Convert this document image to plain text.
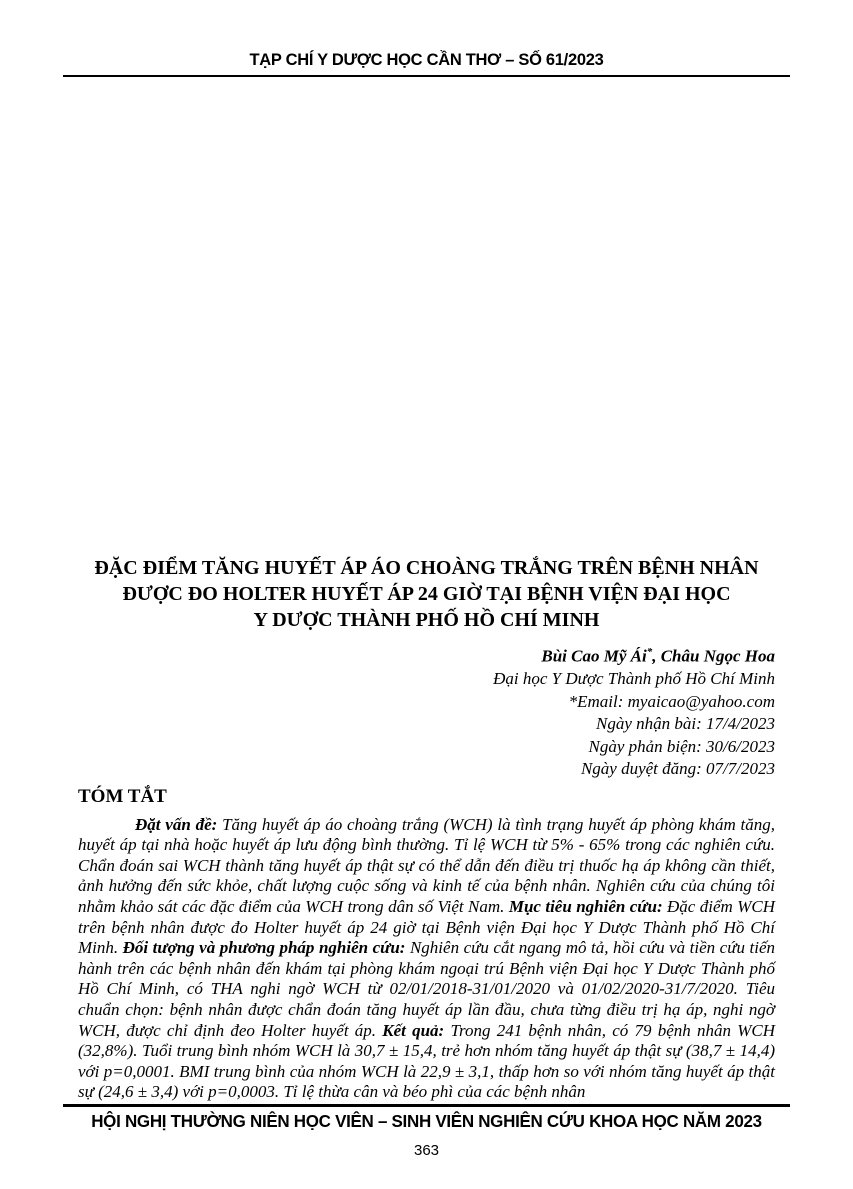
TẠP CHÍ Y DƯỢC HỌC CẦN THƠ – SỐ 61/2023
ĐẶC ĐIỂM TĂNG HUYẾT ÁP ÁO CHOÀNG TRẮNG TRÊN BỆNH NHÂN
ĐƯỢC ĐO HOLTER HUYẾT ÁP 24 GIỜ TẠI BỆNH VIỆN ĐẠI HỌC
Y DƯỢC THÀNH PHỐ HỒ CHÍ MINH
Bùi Cao Mỹ Ái*, Châu Ngọc Hoa
Đại học Y Dược Thành phố Hồ Chí Minh
*Email: myaicao@yahoo.com
Ngày nhận bài: 17/4/2023
Ngày phản biện: 30/6/2023
Ngày duyệt đăng: 07/7/2023
TÓM TẮT

Đặt vấn đề: Tăng huyết áp áo choàng trắng (WCH) là tình trạng huyết áp phòng khám tăng, huyết áp tại nhà hoặc huyết áp lưu động bình thường. Tỉ lệ WCH từ 5% - 65% trong các nghiên cứu. Chẩn đoán sai WCH thành tăng huyết áp thật sự có thể dẫn đến điều trị thuốc hạ áp không cần thiết, ảnh hưởng đến sức khỏe, chất lượng cuộc sống và kinh tế của bệnh nhân. Nghiên cứu của chúng tôi nhằm khảo sát các đặc điểm của WCH trong dân số Việt Nam. Mục tiêu nghiên cứu: Đặc điểm WCH trên bệnh nhân được đo Holter huyết áp 24 giờ tại Bệnh viện Đại học Y Dược Thành phố Hồ Chí Minh. Đối tượng và phương pháp nghiên cứu: Nghiên cứu cắt ngang mô tả, hồi cứu và tiền cứu tiến hành trên các bệnh nhân đến khám tại phòng khám ngoại trú Bệnh viện Đại học Y Dược Thành phố Hồ Chí Minh, có THA nghi ngờ WCH từ 02/01/2018-31/01/2020 và 01/02/2020-31/7/2020. Tiêu chuẩn chọn: bệnh nhân được chẩn đoán tăng huyết áp lần đầu, chưa từng điều trị hạ áp, nghi ngờ WCH, được chỉ định đeo Holter huyết áp. Kết quả: Trong 241 bệnh nhân, có 79 bệnh nhân WCH (32,8%). Tuổi trung bình nhóm WCH là 30,7 ± 15,4, trẻ hơn nhóm tăng huyết áp thật sự (38,7 ± 14,4) với p=0,0001. BMI trung bình của nhóm WCH là 22,9 ± 3,1, thấp hơn so với nhóm tăng huyết áp thật sự (24,6 ± 3,4) với p=0,0003. Tỉ lệ thừa cân và béo phì của các bệnh nhân

HỘI NGHỊ THƯỜNG NIÊN HỌC VIÊN – SINH VIÊN NGHIÊN CỨU KHOA HỌC NĂM 2023
363
